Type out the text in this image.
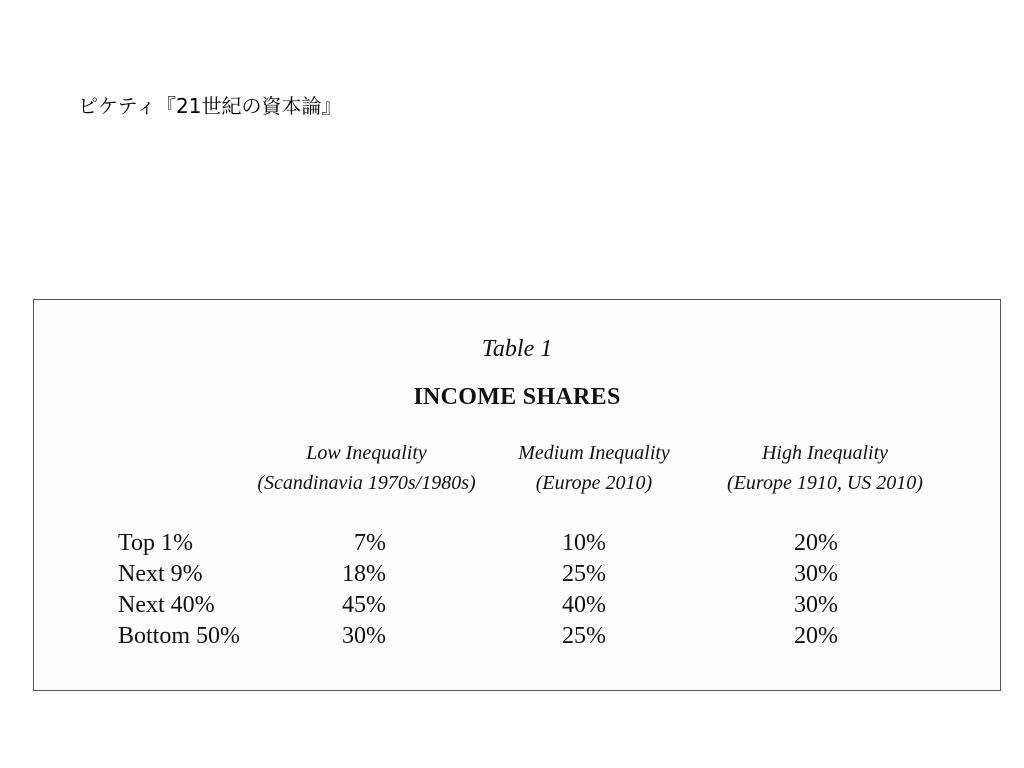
ピケティ『21世紀の資本論』
Table 1
INCOME SHARES
Low Inequality
(Scandinavia 1970s/1980s)
Medium Inequality
(Europe 2010)
High Inequality
(Europe 1910, US 2010)
Top 1%	7%	10%	20%
Next 9%	18%	25%	30%
Next 40%	45%	40%	30%
Bottom 50%	30%	25%	20%
